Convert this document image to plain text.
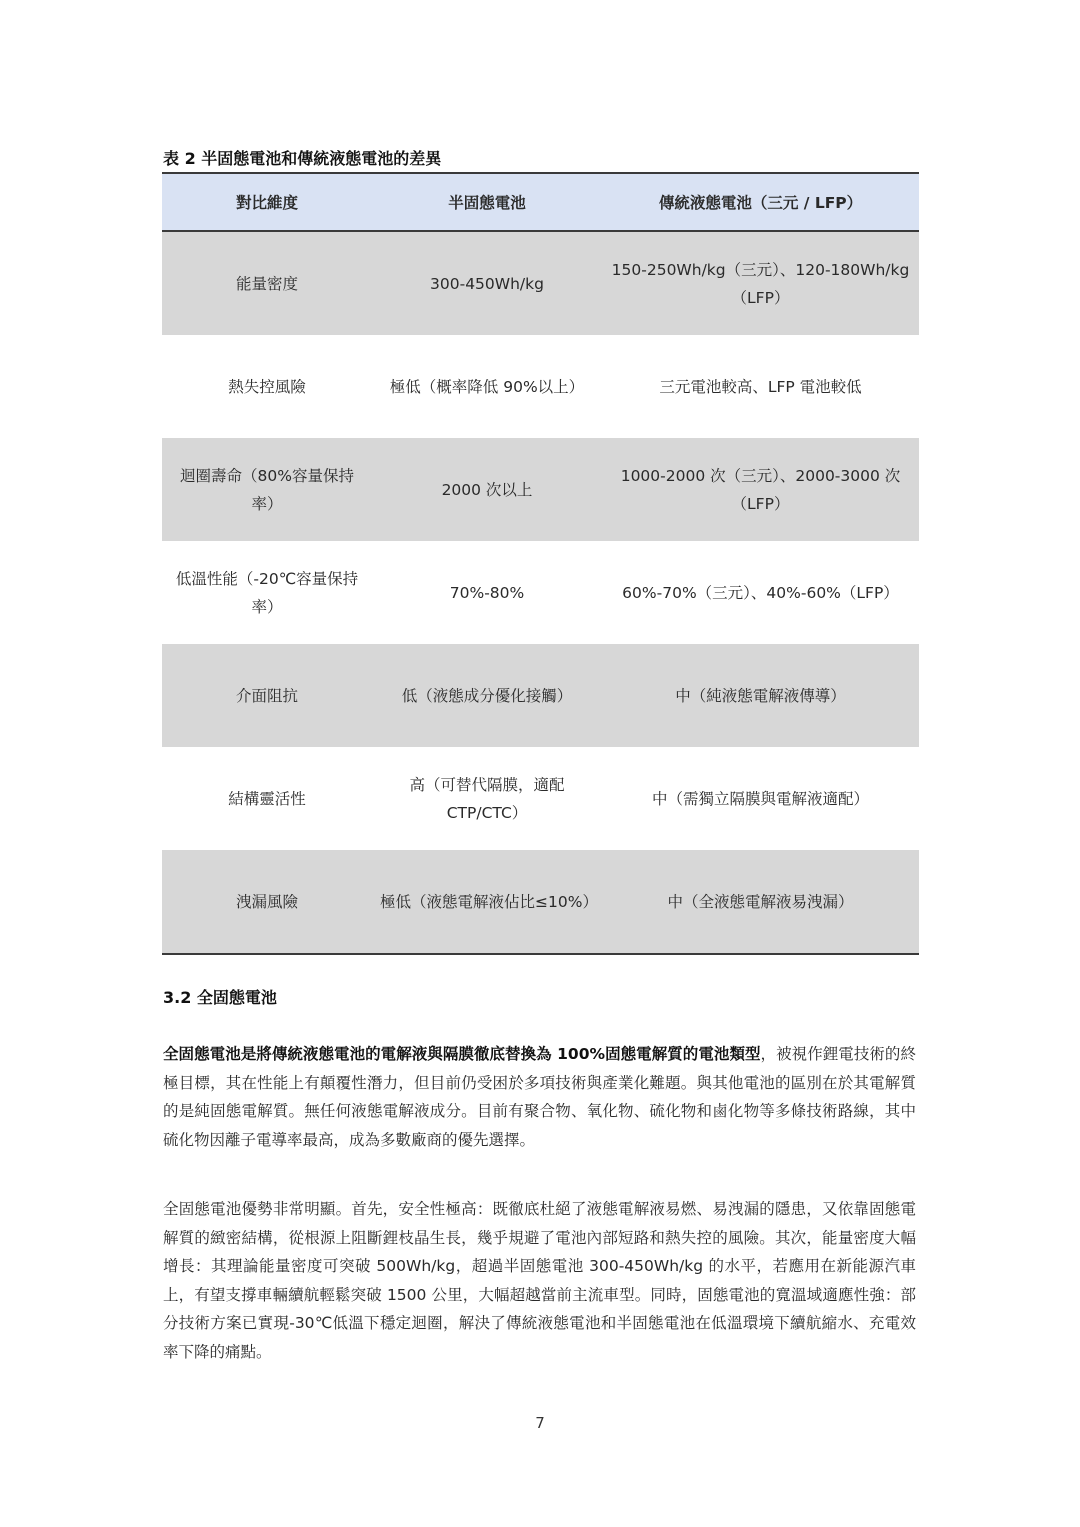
表 2 半固態電池和傳統液態電池的差異
對比維度	半固態電池	傳統液態電池（三元 / LFP）
能量密度	300-450Wh/kg	150-250Wh/kg（三元）、120-180Wh/kg（LFP）
熱失控風險	極低（概率降低 90%以上）	三元電池較高、LFP 電池較低
迴圈壽命（80%容量保持率）	2000 次以上	1000-2000 次（三元）、2000-3000 次（LFP）
低溫性能（-20℃容量保持率）	70%-80%	60%-70%（三元）、40%-60%（LFP）
介面阻抗	低（液態成分優化接觸）	中（純液態電解液傳導）
結構靈活性	高（可替代隔膜，適配 CTP/CTC）	中（需獨立隔膜與電解液適配）
洩漏風險	極低（液態電解液佔比≤10%）	中（全液態電解液易洩漏）
3.2 全固態電池

全固態電池是將傳統液態電池的電解液與隔膜徹底替換為 100%固態電解質的電池類型，被視作鋰電技術的終極目標，其在性能上有顛覆性潛力，但目前仍受困於多項技術與產業化難題。與其他電池的區別在於其電解質的是純固態電解質。無任何液態電解液成分。目前有聚合物、氧化物、硫化物和鹵化物等多條技術路線，其中硫化物因離子電導率最高，成為多數廠商的優先選擇。

全固態電池優勢非常明顯。首先，安全性極高：既徹底杜絕了液態電解液易燃、易洩漏的隱患，又依靠固態電解質的緻密結構，從根源上阻斷鋰枝晶生長，幾乎規避了電池內部短路和熱失控的風險。其次，能量密度大幅增長：其理論能量密度可突破 500Wh/kg，超過半固態電池 300-450Wh/kg 的水平，若應用在新能源汽車上，有望支撐車輛續航輕鬆突破 1500 公里，大幅超越當前主流車型。同時，固態電池的寬溫域適應性強：部分技術方案已實現-30℃低溫下穩定迴圈，解決了傳統液態電池和半固態電池在低溫環境下續航縮水、充電效率下降的痛點。

7
